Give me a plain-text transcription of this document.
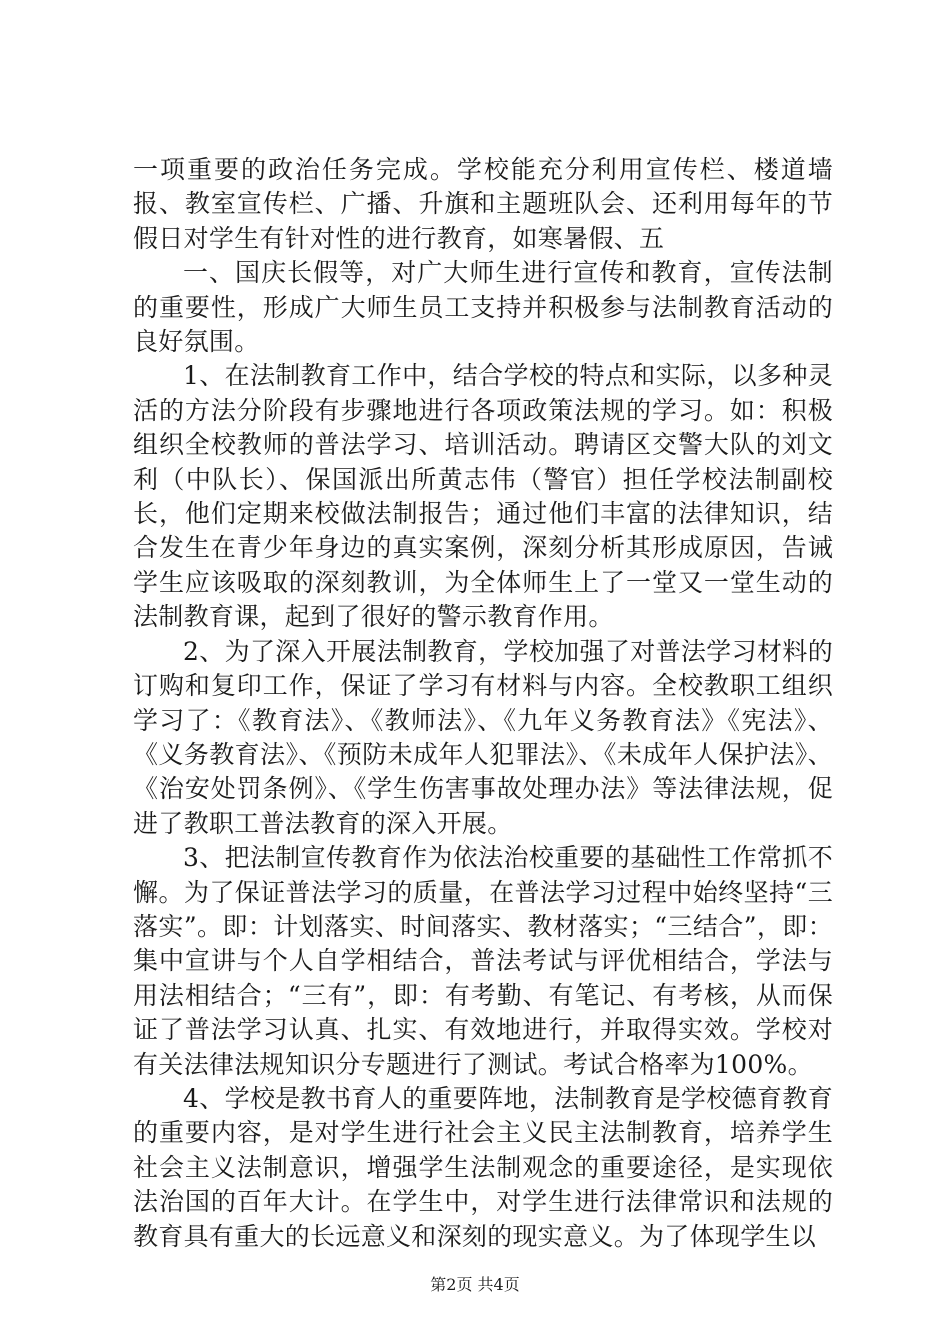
一项重要的政治任务完成。学校能充分利用宣传栏、楼道墙报、教室宣传栏、广播、升旗和主题班队会、还利用每年的节假日对学生有针对性的进行教育，如寒暑假、五

一、国庆长假等，对广大师生进行宣传和教育，宣传法制的重要性，形成广大师生员工支持并积极参与法制教育活动的良好氛围。

1、在法制教育工作中，结合学校的特点和实际，以多种灵活的方法分阶段有步骤地进行各项政策法规的学习。如：积极组织全校教师的普法学习、培训活动。聘请区交警大队的刘文利（中队长）、保国派出所黄志伟（警官）担任学校法制副校长，他们定期来校做法制报告；通过他们丰富的法律知识，结合发生在青少年身边的真实案例，深刻分析其形成原因，告诫学生应该吸取的深刻教训，为全体师生上了一堂又一堂生动的法制教育课，起到了很好的警示教育作用。

2、为了深入开展法制教育，学校加强了对普法学习材料的订购和复印工作，保证了学习有材料与内容。全校教职工组织学习了：《教育法》、《教师法》、《九年义务教育法》《宪法》、《义务教育法》、《预防未成年人犯罪法》、《未成年人保护法》、《治安处罚条例》、《学生伤害事故处理办法》等法律法规，促进了教职工普法教育的深入开展。

3、把法制宣传教育作为依法治校重要的基础性工作常抓不懈。为了保证普法学习的质量，在普法学习过程中始终坚持“三落实”。即：计划落实、时间落实、教材落实；“三结合”，即：集中宣讲与个人自学相结合，普法考试与评优相结合，学法与用法相结合；“三有”，即：有考勤、有笔记、有考核，从而保证了普法学习认真、扎实、有效地进行，并取得实效。学校对有关法律法规知识分专题进行了测试。考试合格率为100%。

4、学校是教书育人的重要阵地，法制教育是学校德育教育的重要内容，是对学生进行社会主义民主法制教育，培养学生社会主义法制意识，增强学生法制观念的重要途径，是实现依法治国的百年大计。在学生中，对学生进行法律常识和法规的教育具有重大的长远意义和深刻的现实意义。为了体现学生以

第2页 共4页
